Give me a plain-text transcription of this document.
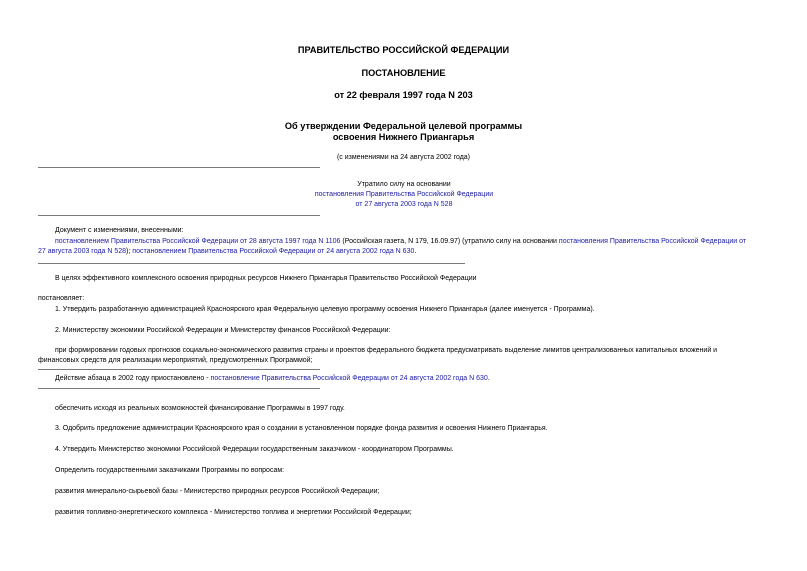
ПРАВИТЕЛЬСТВО РОССИЙСКОЙ ФЕДЕРАЦИИ
ПОСТАНОВЛЕНИЕ
от 22 февраля 1997 года N 203
Об утверждении Федеральной целевой программы
освоения Нижнего Приангарья
(с изменениями на 24 августа 2002 года)
Утратило силу на основании
постановления Правительства Российской Федерации
от 27 августа 2003 года N 528
Документ с изменениями, внесенными:
постановлением Правительства Российской Федерации от 28 августа 1997 года N 1106 (Российская газета, N 179, 16.09.97) (утратило силу на основании постановления Правительства Российской Федерации от
27 августа 2003 года N 528); постановлением Правительства Российской Федерации от 24 августа 2002 года N 630.
В целях эффективного комплексного освоения природных ресурсов Нижнего Приангарья Правительство Российской Федерации
постановляет:
1. Утвердить разработанную администрацией Красноярского края Федеральную целевую программу освоения Нижнего Приангарья (далее именуется - Программа).
2. Министерству экономики Российской Федерации и Министерству финансов Российской Федерации:
при формировании годовых прогнозов социально-экономического развития страны и проектов федерального бюджета предусматривать выделение лимитов централизованных капитальных вложений и
финансовых средств для реализации мероприятий, предусмотренных Программой;
Действие абзаца в 2002 году приостановлено - постановление Правительства Российской Федерации от 24 августа 2002 года N 630.
обеспечить исходя из реальных возможностей финансирование Программы в 1997 году.
3. Одобрить предложение администрации Красноярского края о создании в установленном порядке фонда развития и освоения Нижнего Приангарья.
4. Утвердить Министерство экономики Российской Федерации государственным заказчиком - координатором Программы.
Определить государственными заказчиками Программы по вопросам:
развития минерально-сырьевой базы - Министерство природных ресурсов Российской Федерации;
развития топливно-энергетического комплекса - Министерство топлива и энергетики Российской Федерации;
